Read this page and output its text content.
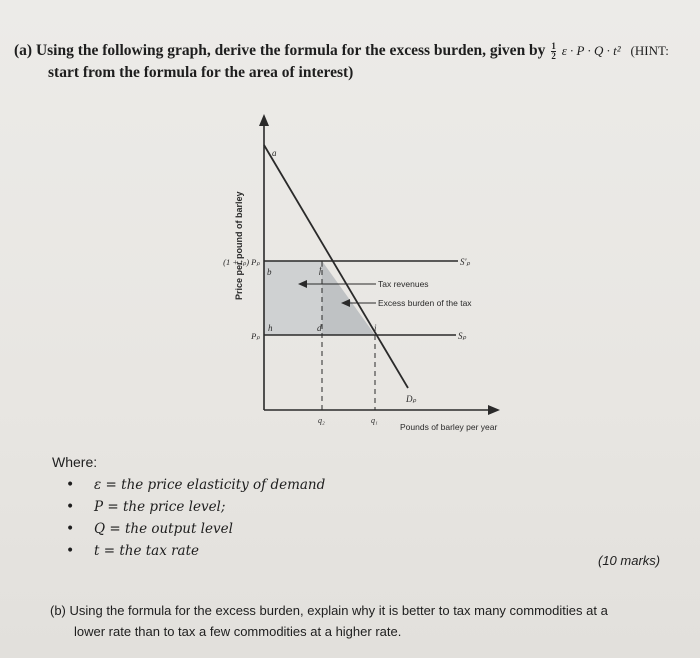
(a) Using the following graph, derive the formula for the excess burden, given by $\frac{1}{2}$ ε · P · Q · t² (HINT:
start from the formula for the area of interest)
Price per pound of barley
Pounds of barley per year
(1 + tₚ) Pₚ
Pₚ
S'ₚ
Sₚ
Dₚ
q₂	q₁
a
b	f
h	d	i
Tax revenues
Excess burden of the tax
Where:
• ε = the price elasticity of demand
• P = the price level;
• Q = the output level
• t = the tax rate
(10 marks)
(b) Using the formula for the excess burden, explain why it is better to tax many commodities at a
lower rate than to tax a few commodities at a higher rate.
